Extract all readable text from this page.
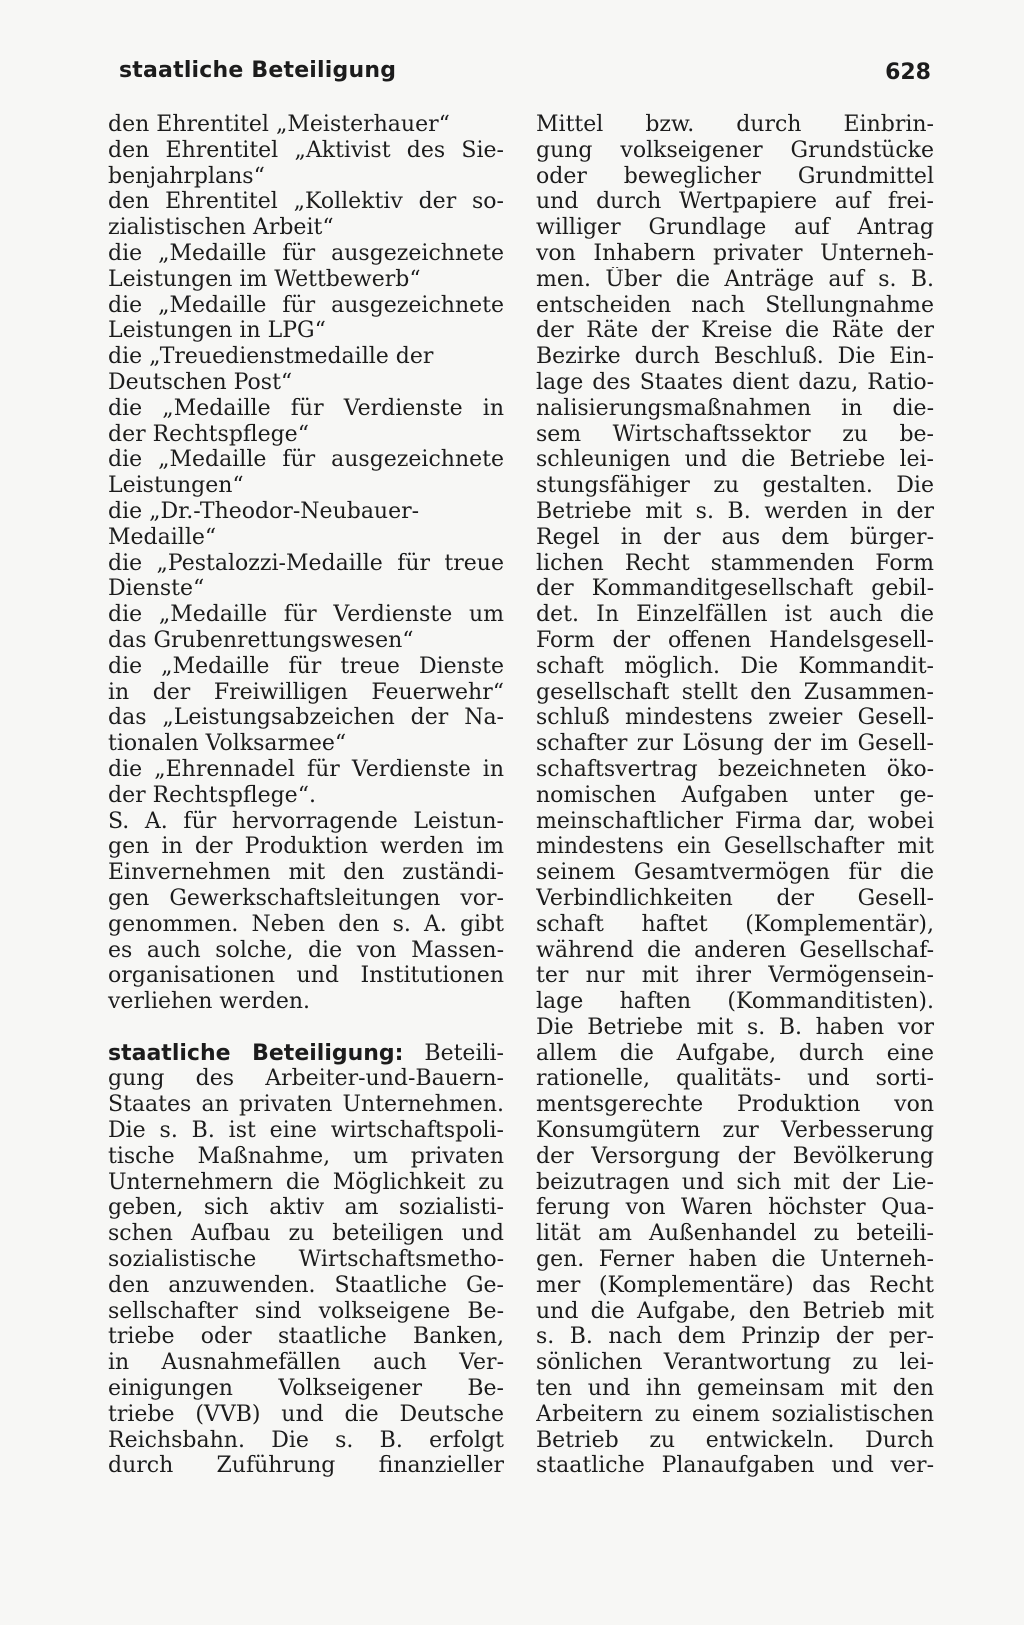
staatliche Beteiligung	628
den Ehrentitel „Meisterhauer“
den Ehrentitel „Aktivist des Sie-
benjahrplans“
den Ehrentitel „Kollektiv der so-
zialistischen Arbeit“
die „Medaille für ausgezeichnete
Leistungen im Wettbewerb“
die „Medaille für ausgezeichnete
Leistungen in LPG“
die „Treuedienstmedaille der
Deutschen Post“
die „Medaille für Verdienste in
der Rechtspflege“
die „Medaille für ausgezeichnete
Leistungen“
die „Dr.-Theodor-Neubauer-
Medaille“
die „Pestalozzi-Medaille für treue
Dienste“
die „Medaille für Verdienste um
das Grubenrettungswesen“
die „Medaille für treue Dienste
in der Freiwilligen Feuerwehr“
das „Leistungsabzeichen der Na-
tionalen Volksarmee“
die „Ehrennadel für Verdienste in
der Rechtspflege“.
S. A. für hervorragende Leistun-
gen in der Produktion werden im
Einvernehmen mit den zuständi-
gen Gewerkschaftsleitungen vor-
genommen. Neben den s. A. gibt
es auch solche, die von Massen-
organisationen und Institutionen
verliehen werden.
staatliche Beteiligung: Beteili-
gung des Arbeiter-und-Bauern-
Staates an privaten Unternehmen.
Die s. B. ist eine wirtschaftspoli-
tische Maßnahme, um privaten
Unternehmern die Möglichkeit zu
geben, sich aktiv am sozialisti-
schen Aufbau zu beteiligen und
sozialistische Wirtschaftsmetho-
den anzuwenden. Staatliche Ge-
sellschafter sind volkseigene Be-
triebe oder staatliche Banken,
in Ausnahmefällen auch Ver-
einigungen Volkseigener Be-
triebe (VVB) und die Deutsche
Reichsbahn. Die s. B. erfolgt
durch Zuführung finanzieller
Mittel bzw. durch Einbrin-
gung volkseigener Grundstücke
oder beweglicher Grundmittel
und durch Wertpapiere auf frei-
williger Grundlage auf Antrag
von Inhabern privater Unterneh-
men. Über die Anträge auf s. B.
entscheiden nach Stellungnahme
der Räte der Kreise die Räte der
Bezirke durch Beschluß. Die Ein-
lage des Staates dient dazu, Ratio-
nalisierungsmaßnahmen in die-
sem Wirtschaftssektor zu be-
schleunigen und die Betriebe lei-
stungsfähiger zu gestalten. Die
Betriebe mit s. B. werden in der
Regel in der aus dem bürger-
lichen Recht stammenden Form
der Kommanditgesellschaft gebil-
det. In Einzelfällen ist auch die
Form der offenen Handelsgesell-
schaft möglich. Die Kommandit-
gesellschaft stellt den Zusammen-
schluß mindestens zweier Gesell-
schafter zur Lösung der im Gesell-
schaftsvertrag bezeichneten öko-
nomischen Aufgaben unter ge-
meinschaftlicher Firma dar, wobei
mindestens ein Gesellschafter mit
seinem Gesamtvermögen für die
Verbindlichkeiten der Gesell-
schaft haftet (Komplementär),
während die anderen Gesellschaf-
ter nur mit ihrer Vermögensein-
lage haften (Kommanditisten).
Die Betriebe mit s. B. haben vor
allem die Aufgabe, durch eine
rationelle, qualitäts- und sorti-
mentsgerechte Produktion von
Konsumgütern zur Verbesserung
der Versorgung der Bevölkerung
beizutragen und sich mit der Lie-
ferung von Waren höchster Qua-
lität am Außenhandel zu beteili-
gen. Ferner haben die Unterneh-
mer (Komplementäre) das Recht
und die Aufgabe, den Betrieb mit
s. B. nach dem Prinzip der per-
sönlichen Verantwortung zu lei-
ten und ihn gemeinsam mit den
Arbeitern zu einem sozialistischen
Betrieb zu entwickeln. Durch
staatliche Planaufgaben und ver-
